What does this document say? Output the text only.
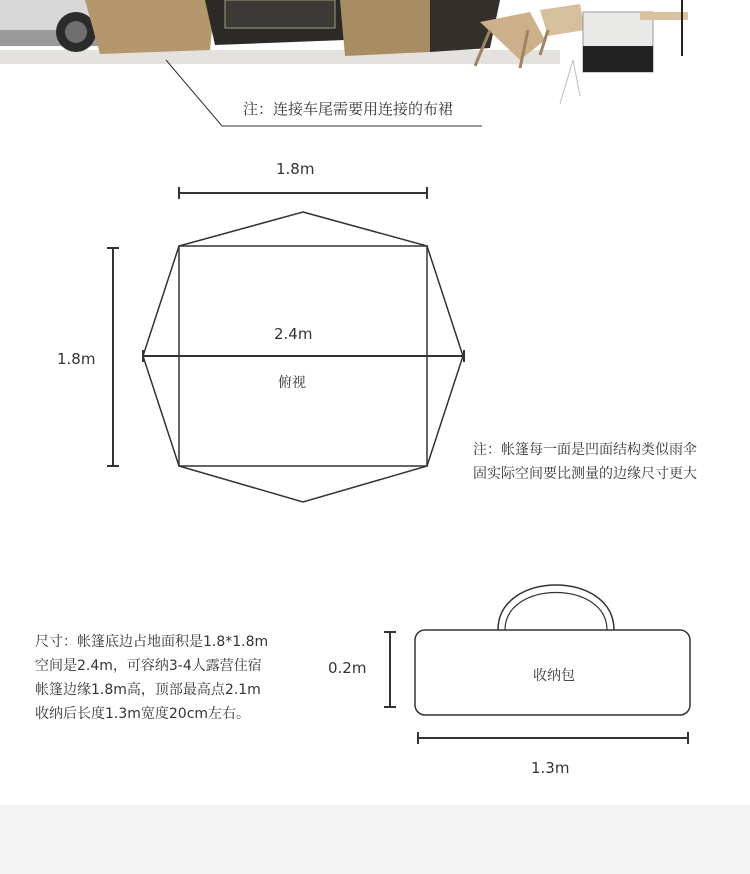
注：连接车尾需要用连接的布裙
1.8m
1.8m
2.4m
俯视
注：帐篷每一面是凹面结构类似雨伞
固实际空间要比测量的边缘尺寸更大
尺寸：帐篷底边占地面积是1.8*1.8m
空间是2.4m，可容纳3-4人露营住宿
帐篷边缘1.8m高，顶部最高点2.1m
收纳后长度1.3m宽度20cm左右。
收纳包
0.2m
1.3m
